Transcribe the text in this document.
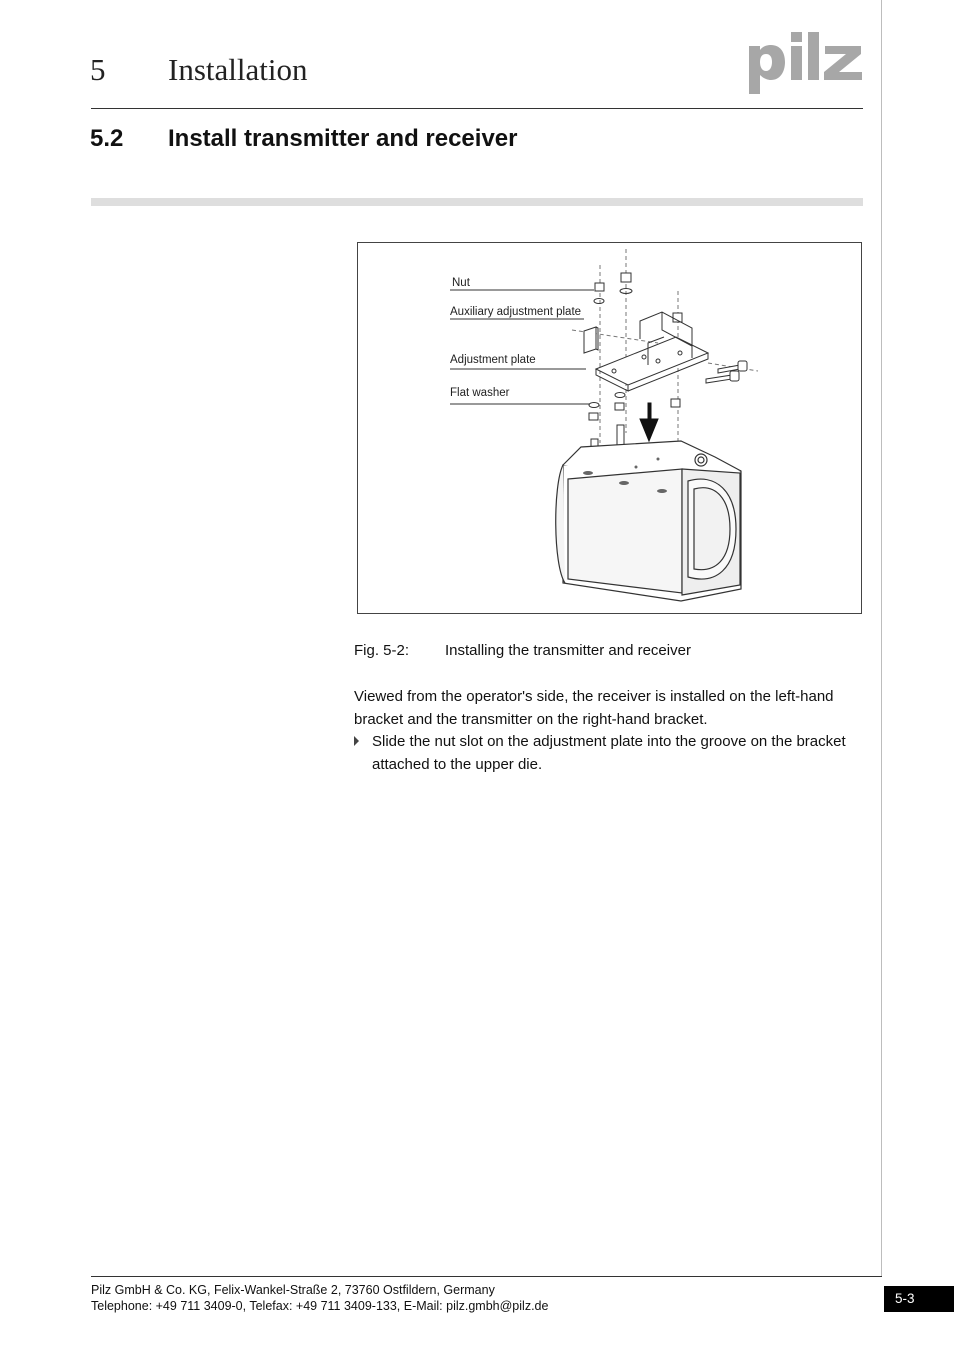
5 Installation
5.2 Install transmitter and receiver
Nut
Auxiliary adjustment plate
Adjustment plate
Flat washer
Fig. 5-2: Installing the transmitter and receiver

Viewed from the operator's side, the receiver is installed on the left-hand bracket and the transmitter on the right-hand bracket.

Slide the nut slot on the adjustment plate into the groove on the bracket attached to the upper die.
Pilz GmbH & Co. KG, Felix-Wankel-Straße 2, 73760 Ostfildern, Germany
Telephone: +49 711 3409-0, Telefax: +49 711 3409-133, E-Mail: pilz.gmbh@pilz.de	5-3
